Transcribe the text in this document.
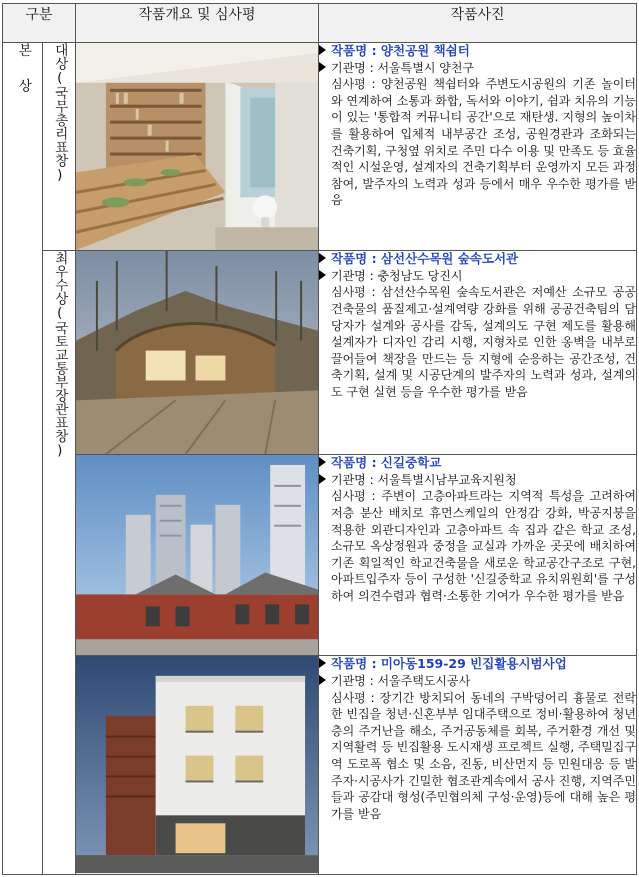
구분		작품개요 및 심사평	작품사진
본상	대상(국무총리표창)		작품명 : 양천공원 책쉼터
기관명 : 서울특별시 양천구
심사평 : 양천공원 책쉼터와 주변도시공원의 기존 놀이터와 연계하여 소통과 화합, 독서와 이야기, 쉼과 치유의 기능이 있는 '통합적 커뮤니티 공간'으로 재탄생. 지형의 높이차를 활용하여 입체적 내부공간 조성, 공원경관과 조화되는 건축기획, 구청옆 위치로 주민 다수 이용 및 만족도 등 효율적인 시설운영, 설계자의 건축기획부터 운영까지 모든 과정 참여, 발주자의 노력과 성과 등에서 매우 우수한 평가를 받음

	최우수상(국토교통부장관표창)		작품명 : 삼선산수목원 숲속도서관
기관명 : 충청남도 당진시
심사평 : 삼선산수목원 숲속도서관은 저예산 소규모 공공건축물의 품질제고·설계역량 강화를 위해 공공건축팀의 담당자가 설계와 공사를 감독, 설계의도 구현 제도를 활용해 설계자가 디자인 감리 시행, 지형차로 인한 옹벽을 내부로 끌어들여 책장을 만드는 등 지형에 순응하는 공간조성, 건축기획, 설계 및 시공단계의 발주자의 노력과 성과, 설계의도 구현 실현 등을 우수한 평가를 받음

작품명 : 신길중학교
기관명 : 서울특별시남부교육지원청
심사평 : 주변이 고층아파트라는 지역적 특성을 고려하여 저층 분산 배치로 휴먼스케일의 안정감 강화, 박공지붕을 적용한 외관디자인과 고층아파트 속 집과 같은 학교 조성, 소규모 옥상정원과 중정을 교실과 가까운 곳곳에 배치하여 기존 획일적인 학교건축물을 새로운 학교공간구조로 구현, 아파트입주자 등이 구성한 '신길중학교 유치위원회'를 구성하여 의견수렴과 협력·소통한 기여가 우수한 평가를 받음

작품명 : 미아동159-29 빈집활용시범사업
기관명 : 서울주택도시공사
심사평 : 장기간 방치되어 동네의 구박덩어리 흉물로 전락한 빈집을 청년·신혼부부 임대주택으로 정비·활용하여 청년층의 주거난을 해소, 주거공동체를 회복, 주거환경 개선 및 지역활력 등 빈집활용 도시재생 프로젝트 실행, 주택밀집구역 도로폭 협소 및 소음, 진동, 비산먼지 등 민원대응 등 발주자·시공사가 긴밀한 협조관계속에서 공사 진행, 지역주민들과 공감대 형성(주민협의체 구성·운영)등에 대해 높은 평가를 받음
